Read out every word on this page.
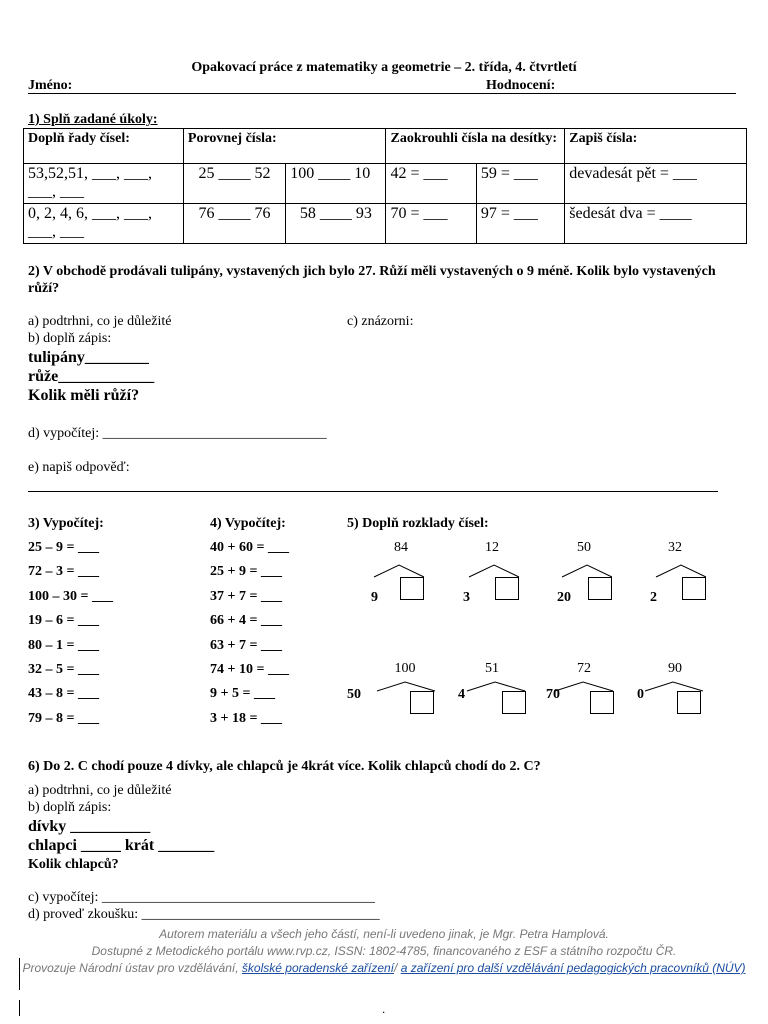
Opakovací práce z matematiky a geometrie – 2. třída, 4. čtvrtletí
Jméno:	Hodnocení:
1) Splň zadané úkoly:
Doplň řady čísel:	Porovnej čísla:		Zaokrouhli čísla na desítky:		Zapiš čísla:
53,52,51, ___, ___, ___, ___	25 ____ 52	100 ____ 10	42 = ___	59 = ___	devadesát pět = ___
0, 2, 4, 6, ___, ___, ___, ___	76 ____ 76	58 ____ 93	70 = ___	97 = ___	šedesát dva = ____
2) V obchodě prodávali tulipány, vystavených jich bylo 27. Růží měli vystavených o 9 méně. Kolik bylo vystavených růží?
a) podtrhni, co je důležité	c) znázorni:
b) doplň zápis:
tulipány________
růže____________
Kolik měli růží?
d) vypočítej: ________________________________
e) napiš odpověď:
3) Vypočítej:
25 – 9 = ___
72 – 3 = ___
100 – 30 = ___
19 – 6 = ___
80 – 1 = ___
32 – 5 = ___
43 – 8 = ___
79 – 8 = ___
4) Vypočítej:
40 + 60 = ___
25 + 9 = ___
37 + 7 = ___
66 + 4 = ___
63 + 7 = ___
74 + 10 = ___
9 + 5 = ___
3 + 18 = ___
5) Doplň rozklady čísel:
84
9
12
3
50
20
32
2
100
50
51
4
72
70
90
0
6) Do 2. C chodí pouze 4 dívky, ale chlapců je 4krát více. Kolik chlapců chodí do 2. C?
a) podtrhni, co je důležité
b) doplň zápis:
dívky __________
chlapci _____ krát _______
Kolik chlapců?
c) vypočítej: _______________________________________
d) proveď zkoušku: __________________________________
Autorem materiálu a všech jeho částí, není-li uvedeno jinak, je Mgr. Petra Hamplová.
Dostupné z Metodického portálu www.rvp.cz, ISSN: 1802-4785, financovaného z ESF a státního rozpočtu ČR.
Provozuje Národní ústav pro vzdělávání, školské poradenské zařízení/ a zařízení pro další vzdělávání pedagogických pracovníků (NÚV)
.
